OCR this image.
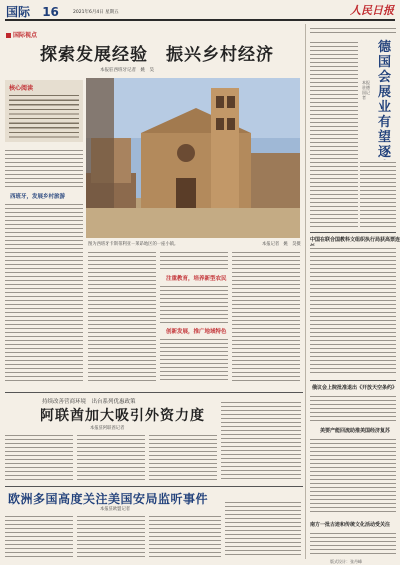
国际 16	2021年6月4日 星期五	人民日报
国际视点
探索发展经验　振兴乡村经济
本报驻西班牙记者　姚　昊
核心阅读
图为西班牙卡斯蒂利亚－莱昂地区的一座小镇。	本报记者　姚　昊摄
西班牙，发展乡村旅游
注重教育，培养新型农民
创新发展，推广地域特色
德国会展业有望逐
本报驻德国记者
中国在联合国教科文组织执行局获高票连
俄议会上院批准退出《开放天空条约》
美要产能回流助推美国经济复苏
南方一批古迹和传统文化活动受关注
持续改善营商环境　出台系列优惠政策
阿联酋加大吸引外资力度
本报驻阿联酋记者
欧洲多国高度关注美国安局监听事件
本报驻欧盟记者
版式设计：张丹峰
